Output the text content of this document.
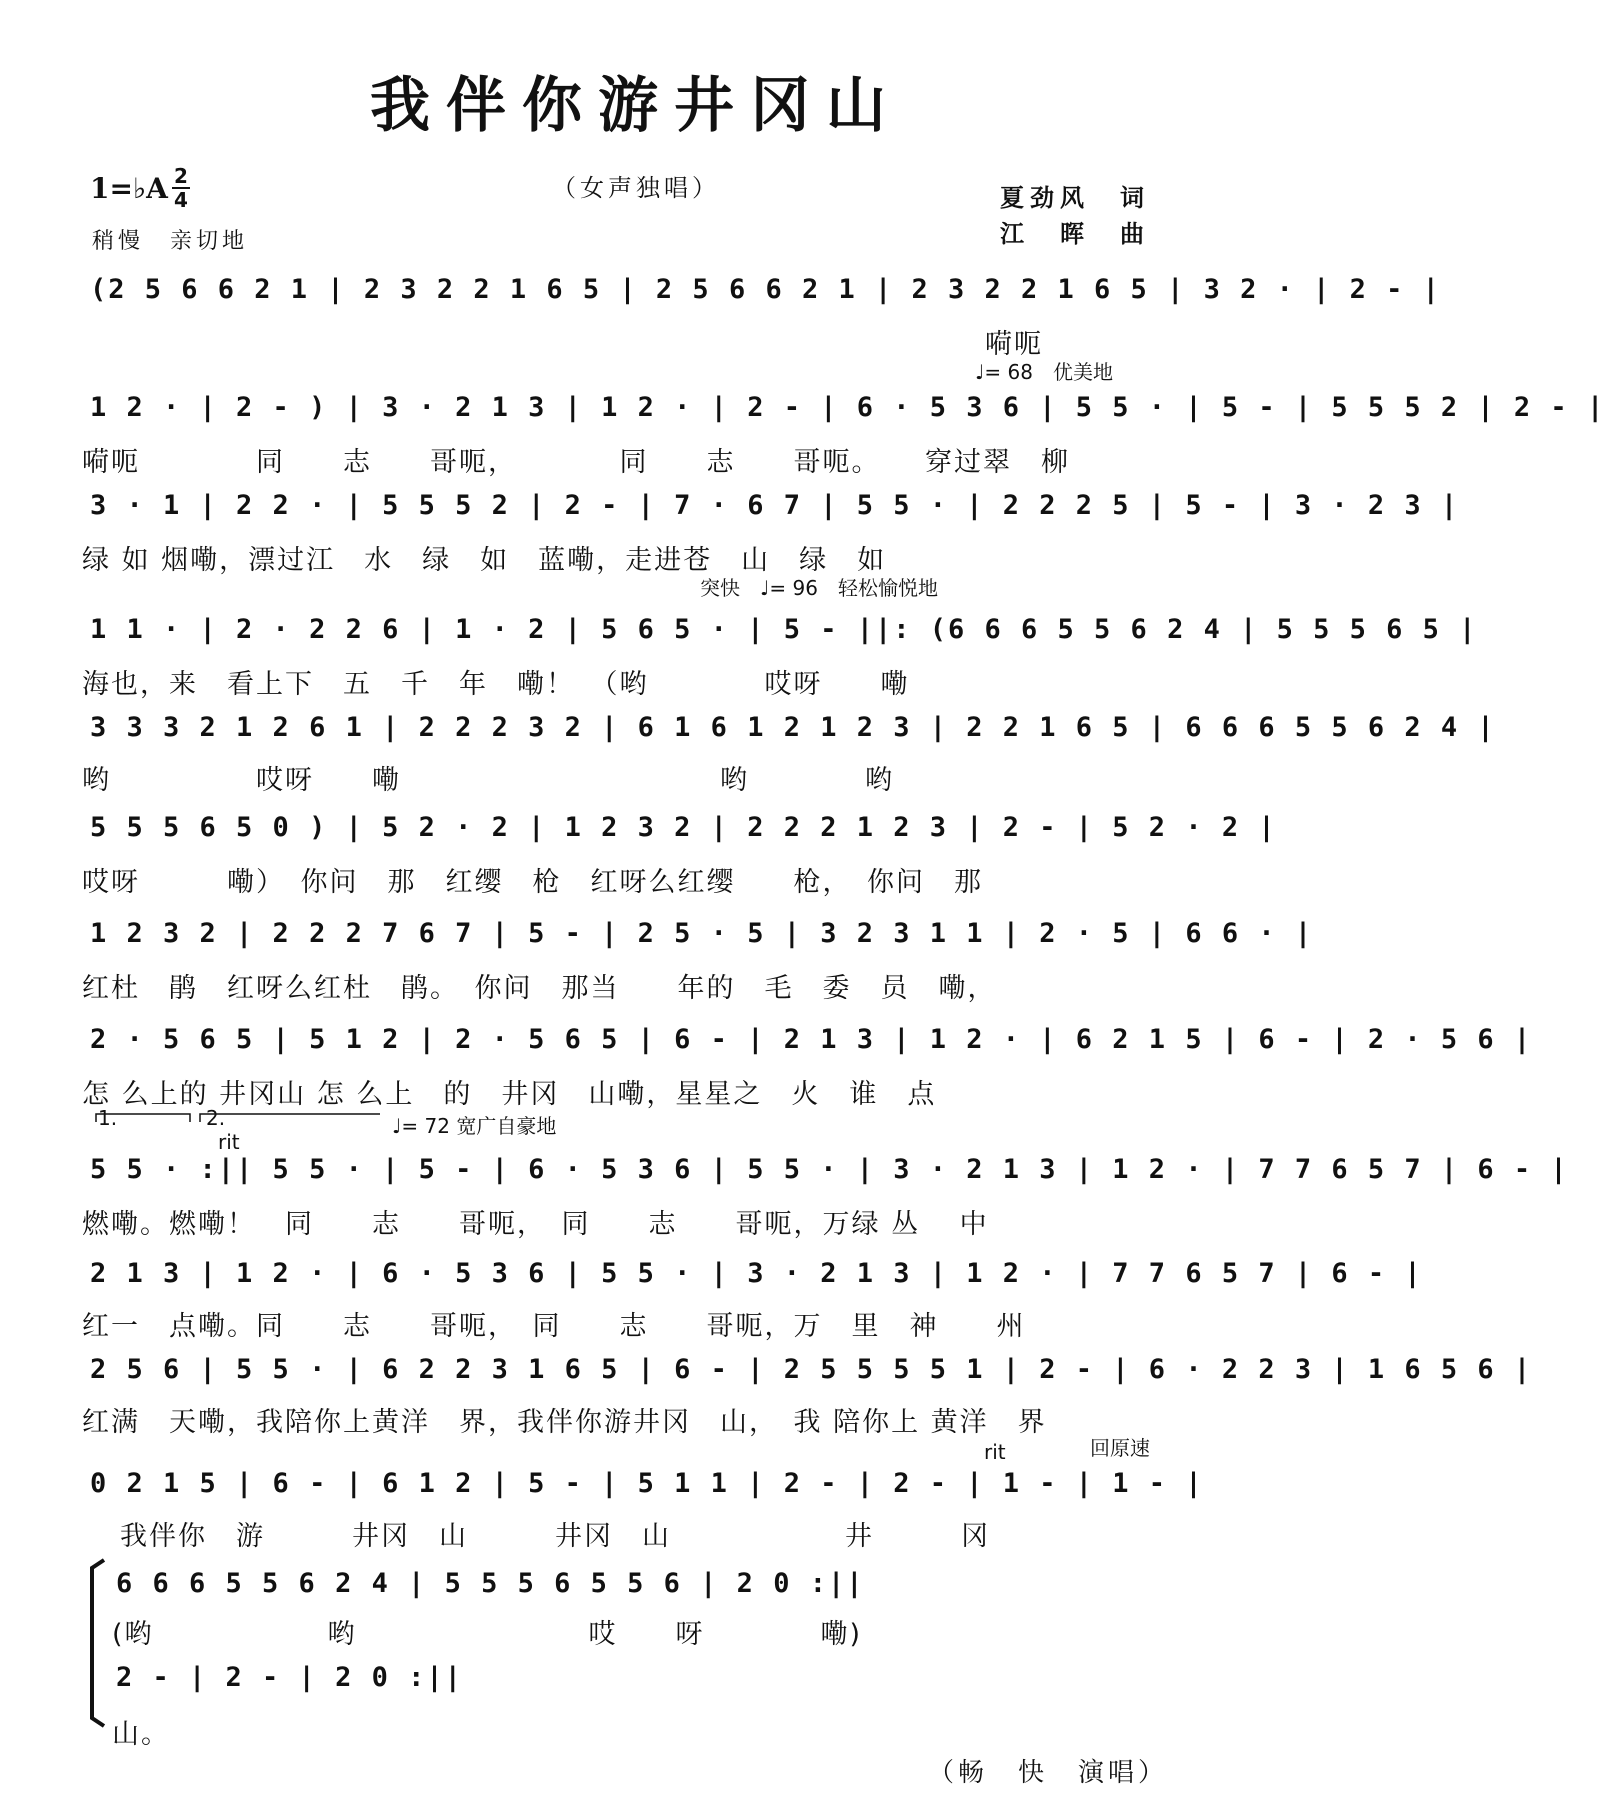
我伴你游井冈山
（女声独唱）	夏劲风　词
江　晖　曲
1=♭A 2
4
稍慢　亲切地
(2 5 6 6 2 1 | 2 3 2 2 1 6 5 | 2 5 6 6 2 1 | 2 3 2 2 1 6 5 | 3 2 · | 2 - |
嗬呃
♩= 68　优美地
1 2 · | 2 - ) | 3 · 2 1 3 | 1 2 · | 2 - | 6 · 5 3 6 | 5 5 · | 5 - | 5 5 5 2 | 2 - |
嗬呃　　　　同　　志　　哥呃，　　　　同　　志　　哥呃。　　穿过翠　柳
3 · 1 | 2 2 · | 5 5 5 2 | 2 - | 7 · 6 7 | 5 5 · | 2 2 2 5 | 5 - | 3 · 2 3 |
绿 如 烟嘞，漂过江　水　绿　如　蓝嘞，走进苍　山　绿　如
突快　♩= 96　轻松愉悦地
1 1 · | 2 · 2 2 6 | 1 · 2 | 5 6 5 · | 5 - ||: (6 6 6 5 5 6 2 4 | 5 5 5 6 5 |
海也，来　看上下　五　千　年　嘞！　（哟　　　　哎呀　　嘞
3 3 3 2 1 2 6 1 | 2 2 2 3 2 | 6 1 6 1 2 1 2 3 | 2 2 1 6 5 | 6 6 6 5 5 6 2 4 |
哟　　　　　哎呀　　嘞　　　　　　　　　　　哟　　　　哟
5 5 5 6 5 0 ) | 5 2 · 2 | 1 2 3 2 | 2 2 2 1 2 3 | 2 - | 5 2 · 2 |
哎呀　　　嘞）　你问　那　红缨　枪　红呀么红缨　　枪，　你问　那
1 2 3 2 | 2 2 2 7 6 7 | 5 - | 2 5 · 5 | 3 2 3 1 1 | 2 · 5 | 6 6 · |
红杜　鹃　红呀么红杜　鹃。　你问　那当　　年的　毛　委　员　嘞，
2 · 5 6 5 | 5 1 2 | 2 · 5 6 5 | 6 - | 2 1 3 | 1 2 · | 6 2 1 5 | 6 - | 2 · 5 6 |
怎 么上的 井冈山 怎 么上　的　井冈　山嘞，星星之　火　谁　点
1.	2.
rit
♩= 72 宽广自豪地
5 5 · :|| 5 5 · | 5 - | 6 · 5 3 6 | 5 5 · | 3 · 2 1 3 | 1 2 · | 7 7 6 5 7 | 6 - |
燃嘞。燃嘞！　同　　志　　哥呃，　同　　志　　哥呃，万绿 丛　 中
2 1 3 | 1 2 · | 6 · 5 3 6 | 5 5 · | 3 · 2 1 3 | 1 2 · | 7 7 6 5 7 | 6 - |
红一　点嘞。同　　志　　哥呃，　同　　志　　哥呃，万　里　神　　州
2 5 6 | 5 5 · | 6 2 2 3 1 6 5 | 6 - | 2 5 5 5 5 1 | 2 - | 6 · 2 2 3 | 1 6 5 6 |
红满　天嘞，我陪你上黄洋　界，我伴你游井冈　山，　我 陪你上 黄洋　界
rit	回原速
0 2 1 5 | 6 - | 6 1 2 | 5 - | 5 1 1 | 2 - | 2 - | 1 - | 1 - |
我伴你　游　　　井冈　山　　　井冈　山　　　　　　井　　　冈
6 6 6 5 5 6 2 4 | 5 5 5 6 5 5 6 | 2 0 :||
(哟　　　　　　哟　　　　　　　　哎　　呀　　　　嘞)
2 - | 2 - | 2 0 :||
山。
（畅　快　演唱）
